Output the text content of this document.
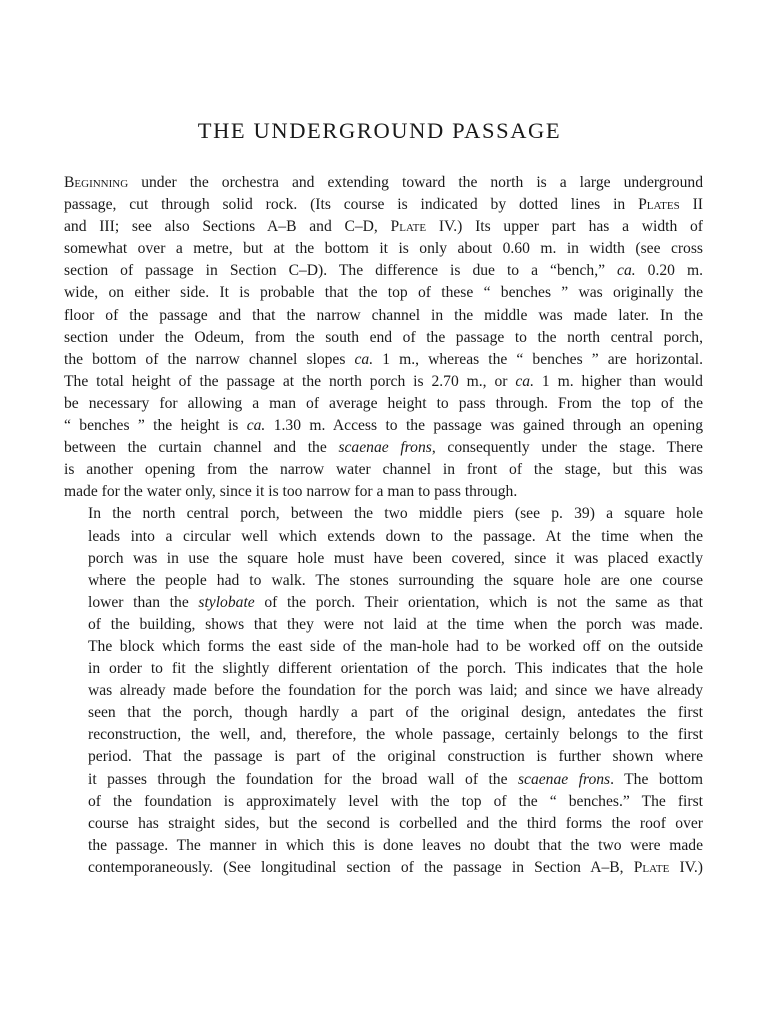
THE UNDERGROUND PASSAGE

Beginning under the orchestra and extending toward the north is a large underground
passage, cut through solid rock. (Its course is indicated by dotted lines in Plates II
and III; see also Sections A–B and C–D, Plate IV.) Its upper part has a width of
somewhat over a metre, but at the bottom it is only about 0.60 m. in width (see cross
section of passage in Section C–D). The difference is due to a “bench,” ca. 0.20 m.
wide, on either side. It is probable that the top of these “ benches ” was originally the
floor of the passage and that the narrow channel in the middle was made later. In the
section under the Odeum, from the south end of the passage to the north central porch,
the bottom of the narrow channel slopes ca. 1 m., whereas the “ benches ” are horizontal.
The total height of the passage at the north porch is 2.70 m., or ca. 1 m. higher than would
be necessary for allowing a man of average height to pass through. From the top of the
“ benches ” the height is ca. 1.30 m. Access to the passage was gained through an opening
between the curtain channel and the scaenae frons, consequently under the stage. There
is another opening from the narrow water channel in front of the stage, but this was
made for the water only, since it is too narrow for a man to pass through.

In the north central porch, between the two middle piers (see p. 39) a square hole
leads into a circular well which extends down to the passage. At the time when the
porch was in use the square hole must have been covered, since it was placed exactly
where the people had to walk. The stones surrounding the square hole are one course
lower than the stylobate of the porch. Their orientation, which is not the same as that
of the building, shows that they were not laid at the time when the porch was made.
The block which forms the east side of the man-hole had to be worked off on the outside
in order to fit the slightly different orientation of the porch. This indicates that the hole
was already made before the foundation for the porch was laid; and since we have already
seen that the porch, though hardly a part of the original design, antedates the first
reconstruction, the well, and, therefore, the whole passage, certainly belongs to the first
period. That the passage is part of the original construction is further shown where
it passes through the foundation for the broad wall of the scaenae frons. The bottom
of the foundation is approximately level with the top of the “ benches.” The first
course has straight sides, but the second is corbelled and the third forms the roof over
the passage. The manner in which this is done leaves no doubt that the two were made
contemporaneously. (See longitudinal section of the passage in Section A–B, Plate IV.)
